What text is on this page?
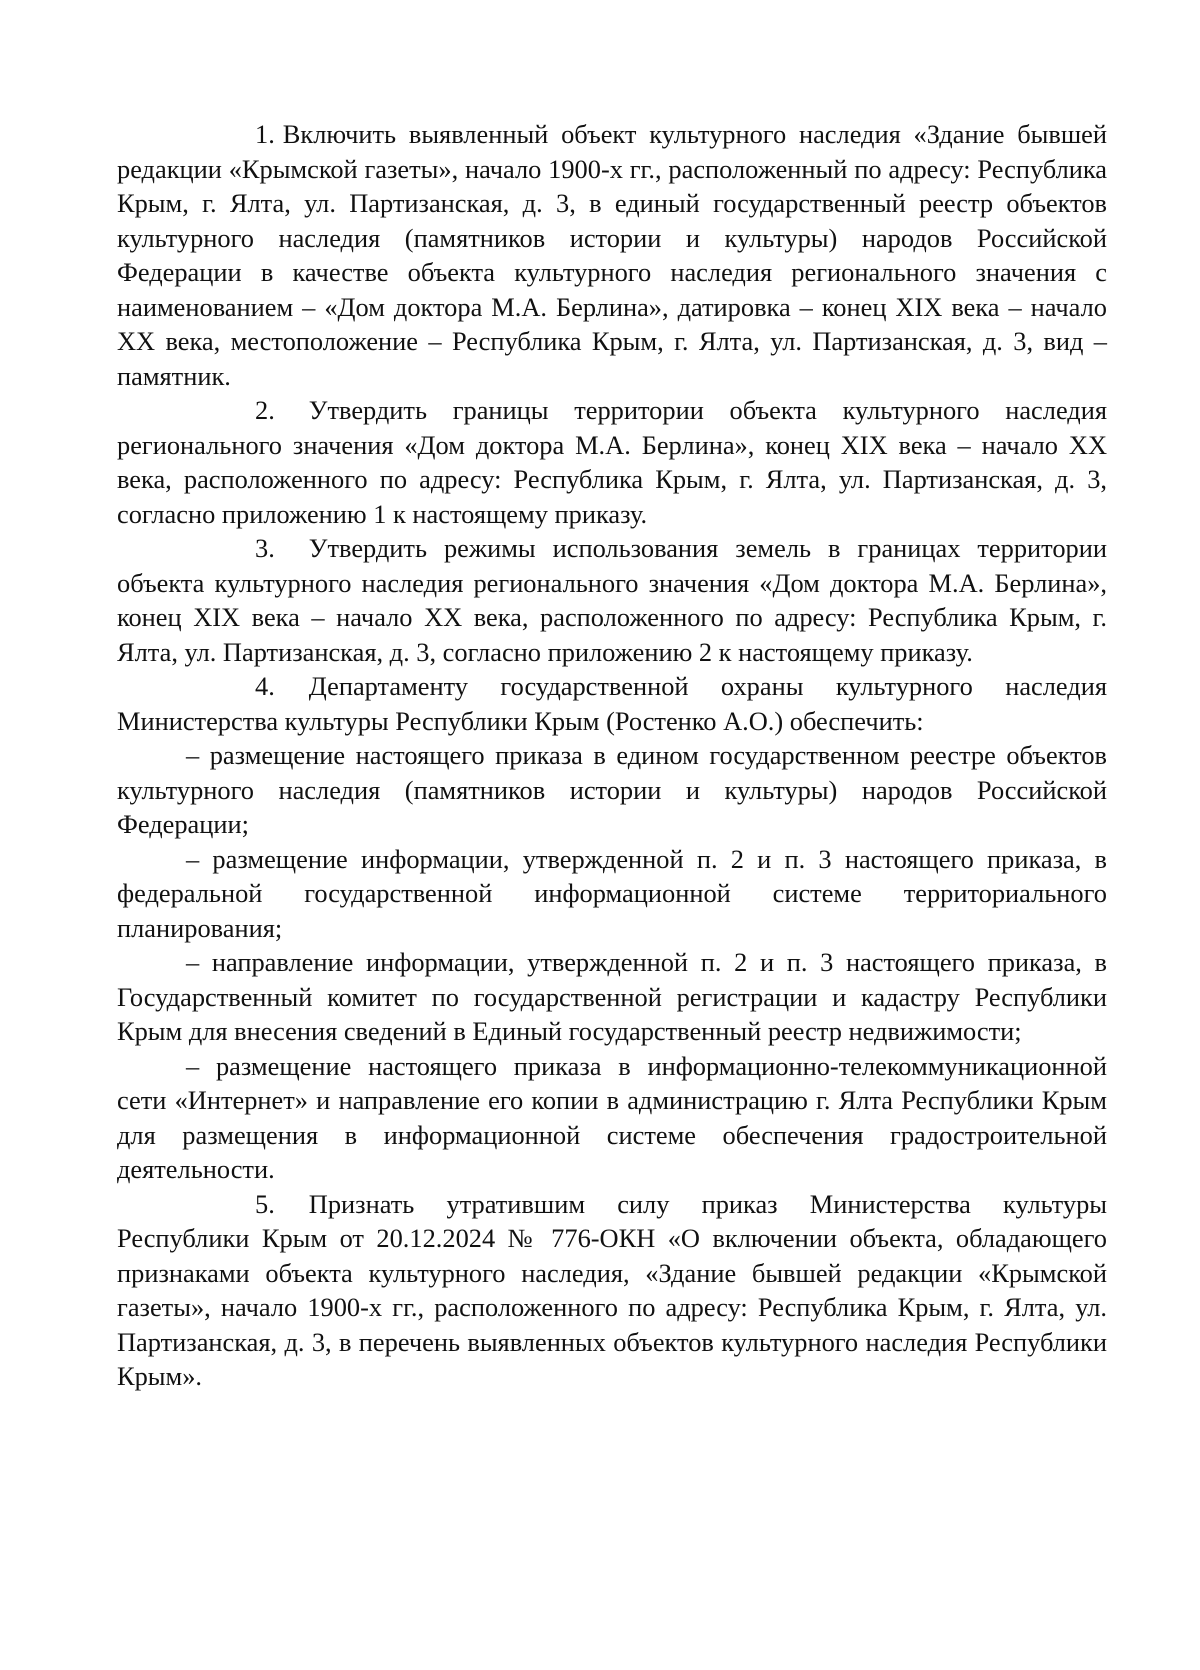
1. Включить выявленный объект культурного наследия «Здание бывшей редакции «Крымской газеты», начало 1900-х гг., расположенный по адресу: Республика Крым, г. Ялта, ул. Партизанская, д. 3, в единый государственный реестр объектов культурного наследия (памятников истории и культуры) народов Российской Федерации в качестве объекта культурного наследия регионального значения с наименованием – «Дом доктора М.А. Берлина», датировка – конец XIX века – начало XX века, местоположение – Республика Крым, г. Ялта, ул. Партизанская, д. 3, вид – памятник.

2. Утвердить границы территории объекта культурного наследия регионального значения «Дом доктора М.А. Берлина», конец XIX века – начало XX века, расположенного по адресу: Республика Крым, г. Ялта, ул. Партизанская, д. 3, согласно приложению 1 к настоящему приказу.

3. Утвердить режимы использования земель в границах территории объекта культурного наследия регионального значения «Дом доктора М.А. Берлина», конец XIX века – начало XX века, расположенного по адресу: Республика Крым, г. Ялта, ул. Партизанская, д. 3, согласно приложению 2 к настоящему приказу.

4. Департаменту государственной охраны культурного наследия Министерства культуры Республики Крым (Ростенко А.О.) обеспечить:

– размещение настоящего приказа в едином государственном реестре объектов культурного наследия (памятников истории и культуры) народов Российской Федерации;

– размещение информации, утвержденной п. 2 и п. 3 настоящего приказа, в федеральной государственной информационной системе территориального планирования;

– направление информации, утвержденной п. 2 и п. 3 настоящего приказа, в Государственный комитет по государственной регистрации и кадастру Республики Крым для внесения сведений в Единый государственный реестр недвижимости;

– размещение настоящего приказа в информационно-телекоммуникационной сети «Интернет» и направление его копии в администрацию г. Ялта Республики Крым для размещения в информационной системе обеспечения градостроительной деятельности.

5. Признать утратившим силу приказ Министерства культуры Республики Крым от 20.12.2024 № 776-ОКН «О включении объекта, обладающего признаками объекта культурного наследия, «Здание бывшей редакции «Крымской газеты», начало 1900-х гг., расположенного по адресу: Республика Крым, г. Ялта, ул. Партизанская, д. 3, в перечень выявленных объектов культурного наследия Республики Крым».
